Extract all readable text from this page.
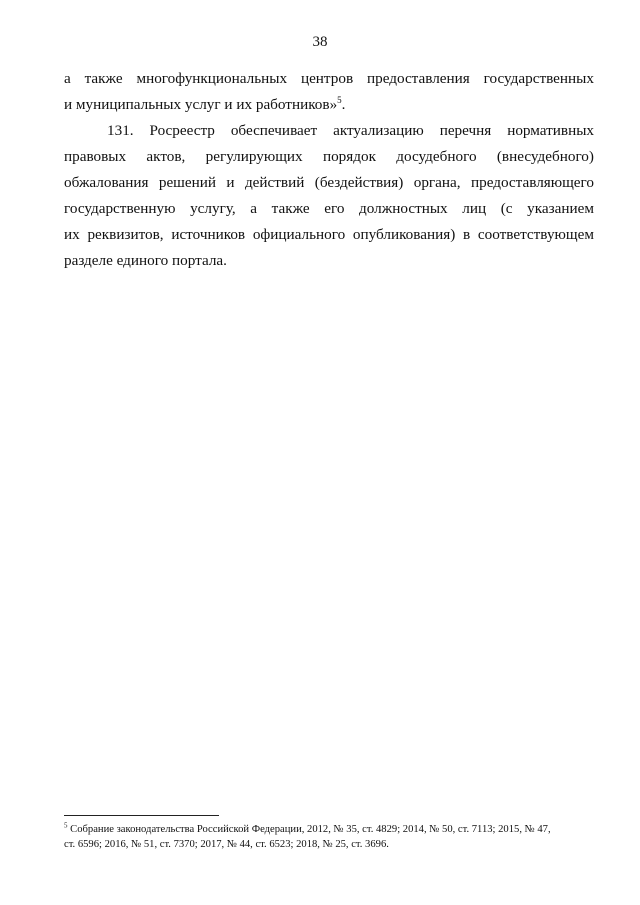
38
а также многофункциональных центров предоставления государственных
и муниципальных услуг и их работников»$^5$.
131. Росреестр обеспечивает актуализацию перечня нормативных
правовых актов, регулирующих порядок досудебного (внесудебного)
обжалования решений и действий (бездействия) органа, предоставляющего
государственную услугу, а также его должностных лиц (с указанием
их реквизитов, источников официального опубликования) в соответствующем
разделе единого портала.
$^5$ Собрание законодательства Российской Федерации, 2012, № 35, ст. 4829; 2014, № 50, ст. 7113; 2015, № 47,
ст. 6596; 2016, № 51, ст. 7370; 2017, № 44, ст. 6523; 2018, № 25, ст. 3696.
